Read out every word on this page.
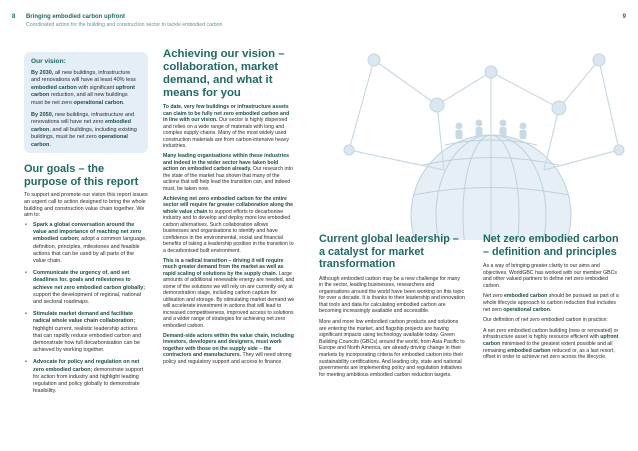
8 Bringing embodied carbon upfront
Coordinated action for the building and construction sector to tackle embodied carbon
Our vision:

By 2030, all new buildings, infrastructure and renovations will have at least 40% less embodied carbon with significant upfront carbon reduction, and all new buildings must be net zero operational carbon.

By 2050, new buildings, infrastructure and renovations will have net zero embodied carbon, and all buildings, including existing buildings, must be net zero operational carbon.

Our goals – the purpose of this report

To support and promote our vision this report issues an urgent call to action designed to bring the whole building and construction value chain together. We aim to:

• Spark a global conversation around the value and importance of reaching net zero embodied carbon; adopt a common language, definition, principles, milestones and feasible actions that can be used by all parts of the value chain.
• Communicate the urgency of, and set deadlines for, goals and milestones to achieve net zero embodied carbon globally; support the development of regional, national and sectoral roadmaps.
• Stimulate market demand and facilitate radical whole value chain collaboration; highlight current, realistic leadership actions that can rapidly reduce embodied carbon and demonstrate how full decarbonisation can be achieved by working together.
• Advocate for policy and regulation on net zero embodied carbon; demonstrate support for action from industry and highlight leading regulation and policy globally to demonstrate feasibility.
Achieving our vision – collaboration, market demand, and what it means for you

To date, very few buildings or infrastructure assets can claim to be fully net zero embodied carbon and in line with our vision. Our sector is highly dispersed and relies on a wide range of materials with long and complex supply chains. Many of the most widely used construction materials are from carbon-intensive heavy industries.

Many leading organisations within these industries and indeed in the wider sector have taken bold action on embodied carbon already. Our research into the state of the market has shown that many of the actions that will help lead the transition can, and indeed must, be taken now.

Achieving net zero embodied carbon for the entire sector will require far greater collaboration along the whole value chain to support efforts to decarbonise industry and to develop and deploy more low embodied carbon alternatives. Such collaboration allows businesses and organisations to identify and have confidence in the environmental, social and financial benefits of taking a leadership position in the transition to a decarbonised built environment.

This is a radical transition – driving it will require much greater demand from the market as well as rapid scaling of solutions by the supply chain. Large amounts of additional renewable energy are needed, and some of the solutions we will rely on are currently only at demonstration stage, including carbon capture for utilisation and storage. By stimulating market demand we will accelerate investment in actions that will lead to increased competitiveness, improved access to solutions and a wider range of strategies for achieving net zero embodied carbon.

Demand-side actors within the value chain, including investors, developers and designers, must work together with those on the supply side – the contractors and manufacturers. They will need strong policy and regulatory support and access to finance.

9
Current global leadership – a catalyst for market transformation

Although embodied carbon may be a new challenge for many in the sector, leading businesses, researchers and organisations around the world have been working on this topic for over a decade. It is thanks to their leadership and innovation that tools and data for calculating embodied carbon are becoming increasingly available and accessible.

More and more low embodied carbon products and solutions are entering the market, and flagship projects are having significant impacts using technology available today. Green Building Councils (GBCs) around the world, from Asia Pacific to Europe and North America, are already driving change in their markets by incorporating criteria for embodied carbon into their sustainability certifications. And leading city, state and national governments are implementing policy and regulation initiatives for meeting ambitious embodied carbon reduction targets.

Net zero embodied carbon – definition and principles

As a way of bringing greater clarity to our aims and objectives, WorldGBC has worked with our member GBCs and other valued partners to define net zero embodied carbon.

Net zero embodied carbon should be pursued as part of a whole lifecycle approach to carbon reduction that includes net zero operational carbon.

Our definition of net zero embodied carbon in practice:

A net zero embodied carbon building (new or renovated) or infrastructure asset is highly resource efficient with upfront carbon minimised to the greatest extent possible and all remaining embodied carbon reduced or, as a last resort, offset in order to achieve net zero across the lifecycle.
